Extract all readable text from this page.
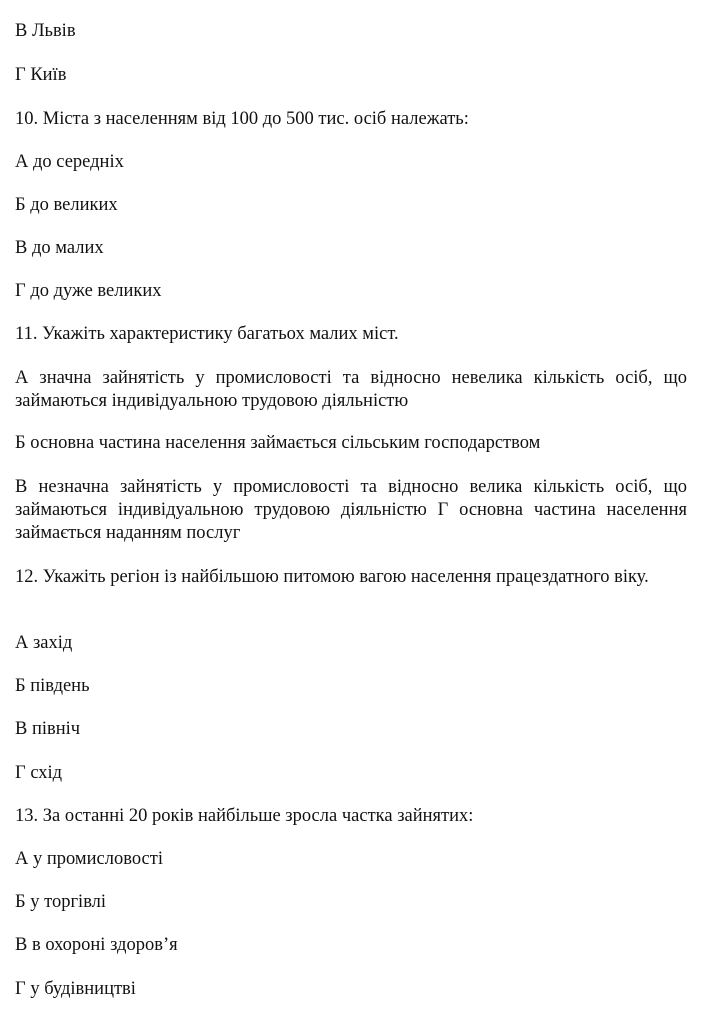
В Львів
Г Київ
10. Міста з населенням від 100 до 500 тис. осіб належать:
А до середніх
Б до великих
В до малих
Г до дуже великих
11. Укажіть характеристику багатьох малих міст.
А значна зайнятість у промисловості та відносно невелика кількість осіб, що займаються індивідуальною трудовою діяльністю
Б основна частина населення займається сільським господарством
В незначна зайнятість у промисловості та відносно велика кількість осіб, що займаються індивідуальною трудовою діяльністю Г основна частина населення займається наданням послуг
12. Укажіть регіон із найбільшою питомою вагою населення працездатного віку.
А захід
Б південь
В північ
Г схід
13. За останні 20 років найбільше зросла частка зайнятих:
А у промисловості
Б у торгівлі
В в охороні здоров’я
Г у будівництві
